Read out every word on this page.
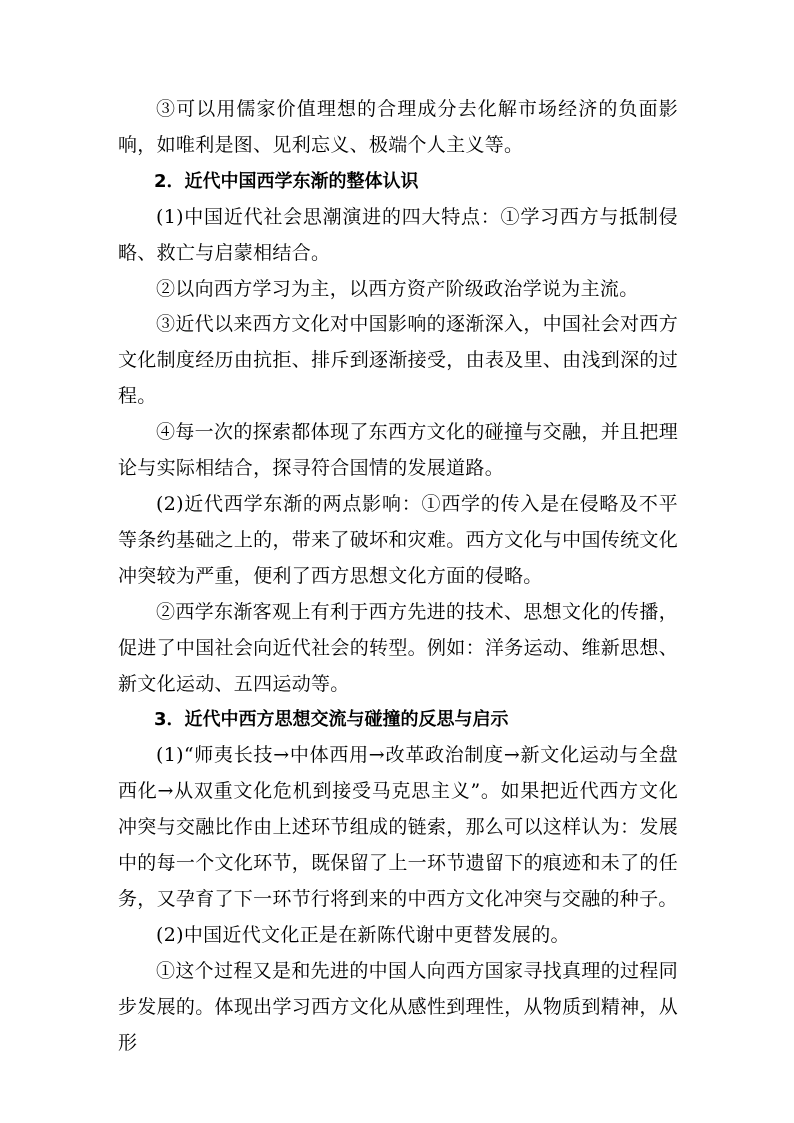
③可以用儒家价值理想的合理成分去化解市场经济的负面影响，如唯利是图、见利忘义、极端个人主义等。

2．近代中国西学东渐的整体认识

(1)中国近代社会思潮演进的四大特点：①学习西方与抵制侵略、救亡与启蒙相结合。

②以向西方学习为主，以西方资产阶级政治学说为主流。

③近代以来西方文化对中国影响的逐渐深入，中国社会对西方文化制度经历由抗拒、排斥到逐渐接受，由表及里、由浅到深的过程。

④每一次的探索都体现了东西方文化的碰撞与交融，并且把理论与实际相结合，探寻符合国情的发展道路。

(2)近代西学东渐的两点影响：①西学的传入是在侵略及不平等条约基础之上的，带来了破坏和灾难。西方文化与中国传统文化冲突较为严重，便利了西方思想文化方面的侵略。

②西学东渐客观上有利于西方先进的技术、思想文化的传播，促进了中国社会向近代社会的转型。例如：洋务运动、维新思想、新文化运动、五四运动等。

3．近代中西方思想交流与碰撞的反思与启示

(1)“师夷长技→中体西用→改革政治制度→新文化运动与全盘西化→从双重文化危机到接受马克思主义”。如果把近代西方文化冲突与交融比作由上述环节组成的链索，那么可以这样认为：发展中的每一个文化环节，既保留了上一环节遗留下的痕迹和未了的任务，又孕育了下一环节行将到来的中西方文化冲突与交融的种子。

(2)中国近代文化正是在新陈代谢中更替发展的。

①这个过程又是和先进的中国人向西方国家寻找真理的过程同步发展的。体现出学习西方文化从感性到理性，从物质到精神，从形
